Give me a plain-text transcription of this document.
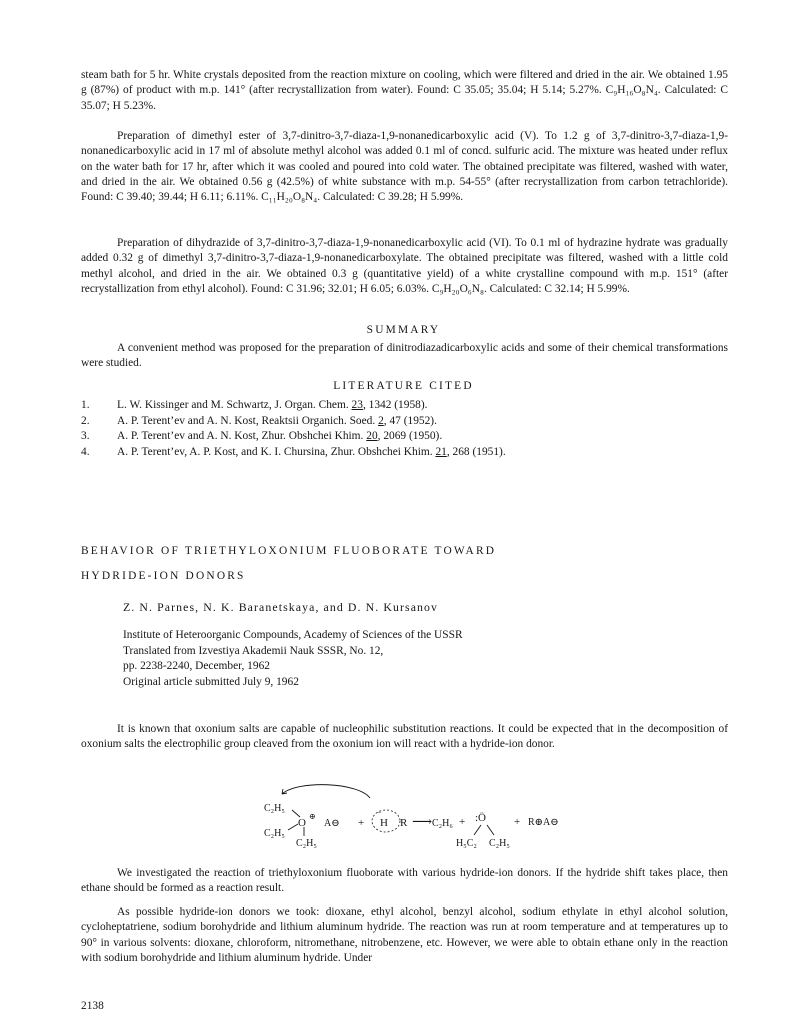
steam bath for 5 hr. White crystals deposited from the reaction mixture on cooling, which were filtered and dried in the air. We obtained 1.95 g (87%) of product with m.p. 141° (after recrystallization from water). Found: C 35.05; 35.04; H 5.14; 5.27%. C₉H₁₆O₈N₄. Calculated: C 35.07; H 5.23%.

Preparation of dimethyl ester of 3,7-dinitro-3,7-diaza-1,9-nonanedicarboxylic acid (V). To 1.2 g of 3,7-dinitro-3,7-diaza-1,9-nonanedicarboxylic acid in 17 ml of absolute methyl alcohol was added 0.1 ml of concd. sulfuric acid. The mixture was heated under reflux on the water bath for 17 hr, after which it was cooled and poured into cold water. The obtained precipitate was filtered, washed with water, and dried in the air. We obtained 0.56 g (42.5%) of white substance with m.p. 54-55° (after recrystallization from carbon tetrachloride). Found: C 39.40; 39.44; H 6.11; 6.11%. C₁₁H₂₀O₈N₄. Calculated: C 39.28; H 5.99%.

Preparation of dihydrazide of 3,7-dinitro-3,7-diaza-1,9-nonanedicarboxylic acid (VI). To 0.1 ml of hydrazine hydrate was gradually added 0.32 g of dimethyl 3,7-dinitro-3,7-diaza-1,9-nonanedicarboxylate. The obtained precipitate was filtered, washed with a little cold methyl alcohol, and dried in the air. We obtained 0.3 g (quantitative yield) of a white crystalline compound with m.p. 151° (after recrystallization from ethyl alcohol). Found: C 31.96; 32.01; H 6.05; 6.03%. C₉H₂₀O₆N₈. Calculated: C 32.14; H 5.99%.

SUMMARY

A convenient method was proposed for the preparation of dinitrodiazadicarboxylic acids and some of their chemical transformations were studied.

LITERATURE CITED

1. L. W. Kissinger and M. Schwartz, J. Organ. Chem. 23, 1342 (1958).
2. A. P. Terent’ev and A. N. Kost, Reaktsii Organich. Soed. 2, 47 (1952).
3. A. P. Terent’ev and A. N. Kost, Zhur. Obshchei Khim. 20, 2069 (1950).
4. A. P. Terent’ev, A. P. Kost, and K. I. Chursina, Zhur. Obshchei Khim. 21, 268 (1951).

BEHAVIOR OF TRIETHYLOXONIUM FLUOBORATE TOWARD

HYDRIDE-ION DONORS

Z. N. Parnes, N. K. Baranetskaya, and D. N. Kursanov

Institute of Heteroorganic Compounds, Academy of Sciences of the USSR
Translated from Izvestiya Akademii Nauk SSSR, No. 12,
pp. 2238-2240, December, 1962
Original article submitted July 9, 1962

It is known that oxonium salts are capable of nucleophilic substitution reactions. It could be expected that in the decomposition of oxonium salts the electrophilic group cleaved from the oxonium ion will react with a hydride-ion donor.

C₂H₅
O
⊕
C₂H₅
C₂H₅
A⊖ + H
−
R ⟶ C₂H₆ + :Ö
H₅C₂ C₂H₅
+ R⊕A⊖

We investigated the reaction of triethyloxonium fluoborate with various hydride-ion donors. If the hydride shift takes place, then ethane should be formed as a reaction result.

As possible hydride-ion donors we took: dioxane, ethyl alcohol, benzyl alcohol, sodium ethylate in ethyl alcohol solution, cycloheptatriene, sodium borohydride and lithium aluminum hydride. The reaction was run at room temperature and at temperatures up to 90° in various solvents: dioxane, chloroform, nitromethane, nitrobenzene, etc. However, we were able to obtain ethane only in the reaction with sodium borohydride and lithium aluminum hydride. Under

2138
